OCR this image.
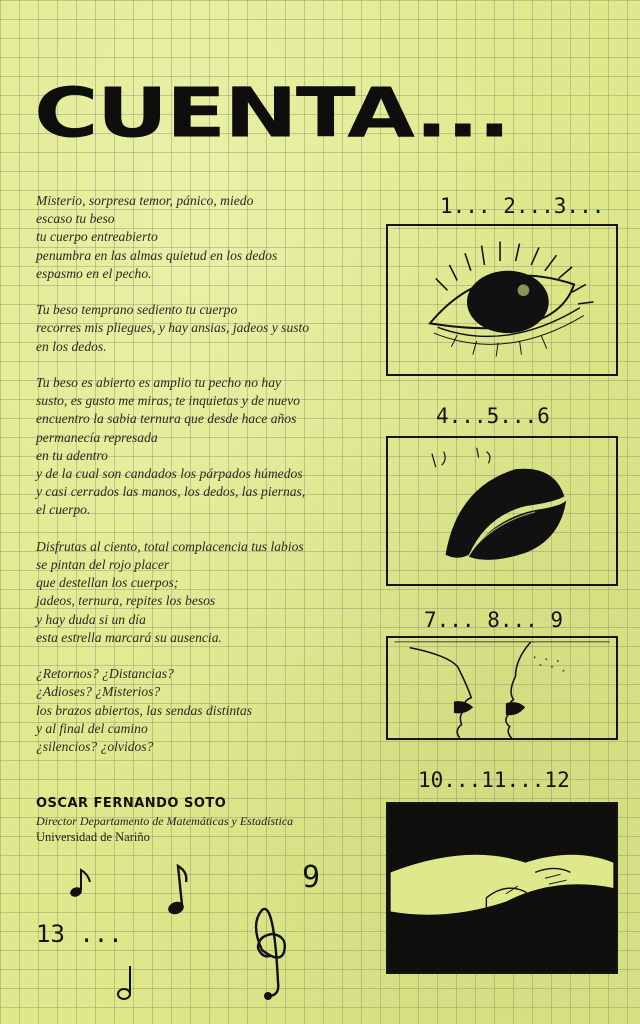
CUENTA...
Misterio, sorpresa temor, pánico, miedo
escaso tu beso
tu cuerpo entreabierto
penumbra en las almas quietud en los dedos
espasmo en el pecho.
Tu beso temprano sediento tu cuerpo
recorres mis pliegues, y hay ansias, jadeos y susto
en los dedos.
Tu beso es abierto es amplio tu pecho no hay
susto, es gusto me miras, te inquietas y de nuevo
encuentro la sabia ternura que desde hace años
permanecía represada
en tu adentro
y de la cual son candados los párpados húmedos
y casi cerrados las manos, los dedos, las piernas,
el cuerpo.
Disfrutas al ciento, total complacencia tus labios
se pintan del rojo placer
que destellan los cuerpos;
jadeos, ternura, repites los besos
y hay duda si un día
esta estrella marcará su ausencia.
¿Retornos? ¿Distancias?
¿Adioses? ¿Misterios?
los brazos abiertos, las sendas distintas
y al final del camino
¿silencios? ¿olvidos?
OSCAR FERNANDO SOTO
Director Departamento de Matemáticas y Estadística
Universidad de Nariño
1... 2...3...
4...5...6
7... 8... 9
10...11...12
13 ...
9
